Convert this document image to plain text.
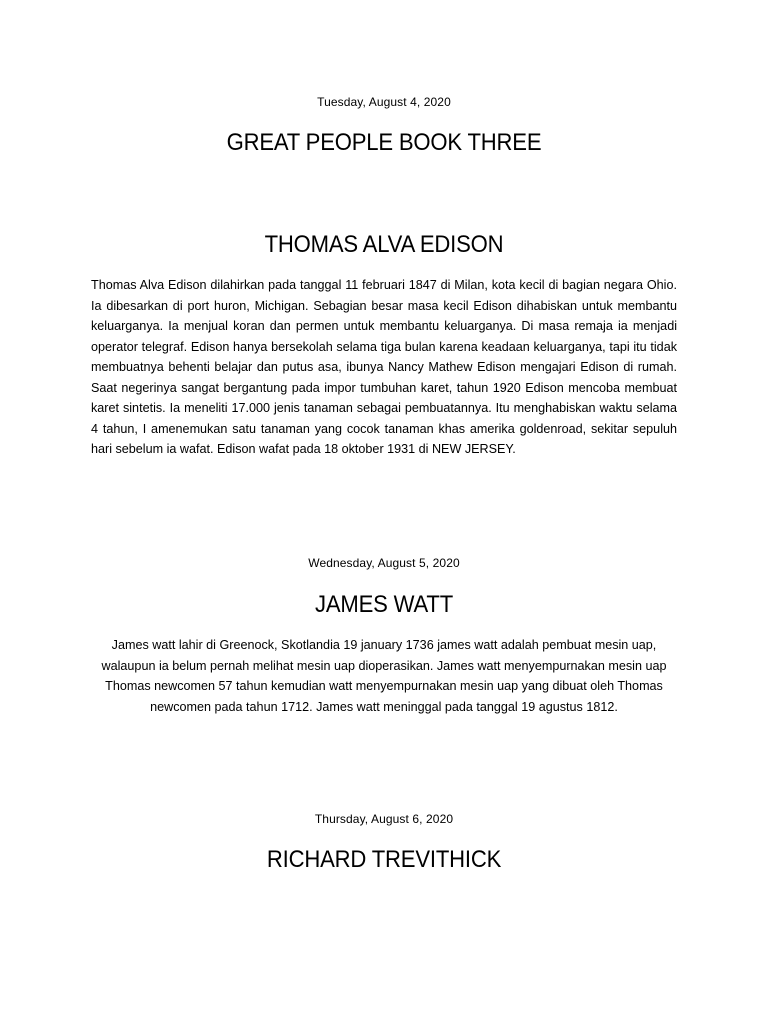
Tuesday, August 4, 2020
GREAT PEOPLE BOOK THREE
THOMAS ALVA EDISON

Thomas Alva Edison dilahirkan pada tanggal 11 februari 1847 di Milan, kota kecil di bagian negara Ohio. Ia dibesarkan di port huron, Michigan. Sebagian besar masa kecil Edison dihabiskan untuk membantu keluarganya. Ia menjual koran dan permen untuk membantu keluarganya. Di masa remaja ia menjadi operator telegraf. Edison hanya bersekolah selama tiga bulan karena keadaan keluarganya, tapi itu tidak membuatnya behenti belajar dan putus asa, ibunya Nancy Mathew Edison mengajari Edison di rumah. Saat negerinya sangat bergantung pada impor tumbuhan karet, tahun 1920 Edison mencoba membuat karet sintetis. Ia meneliti 17.000 jenis tanaman sebagai pembuatannya. Itu menghabiskan waktu selama 4 tahun, I amenemukan satu tanaman yang cocok tanaman khas amerika goldenroad, sekitar sepuluh hari sebelum ia wafat. Edison wafat pada 18 oktober 1931 di NEW JERSEY.

Wednesday, August 5, 2020
JAMES WATT

James watt lahir di Greenock, Skotlandia 19 january 1736 james watt adalah pembuat mesin uap, walaupun ia belum pernah melihat mesin uap dioperasikan. James watt menyempurnakan mesin uap Thomas newcomen 57 tahun kemudian watt menyempurnakan mesin uap yang dibuat oleh Thomas newcomen pada tahun 1712. James watt meninggal pada tanggal 19 agustus 1812.

Thursday, August 6, 2020
RICHARD TREVITHICK
